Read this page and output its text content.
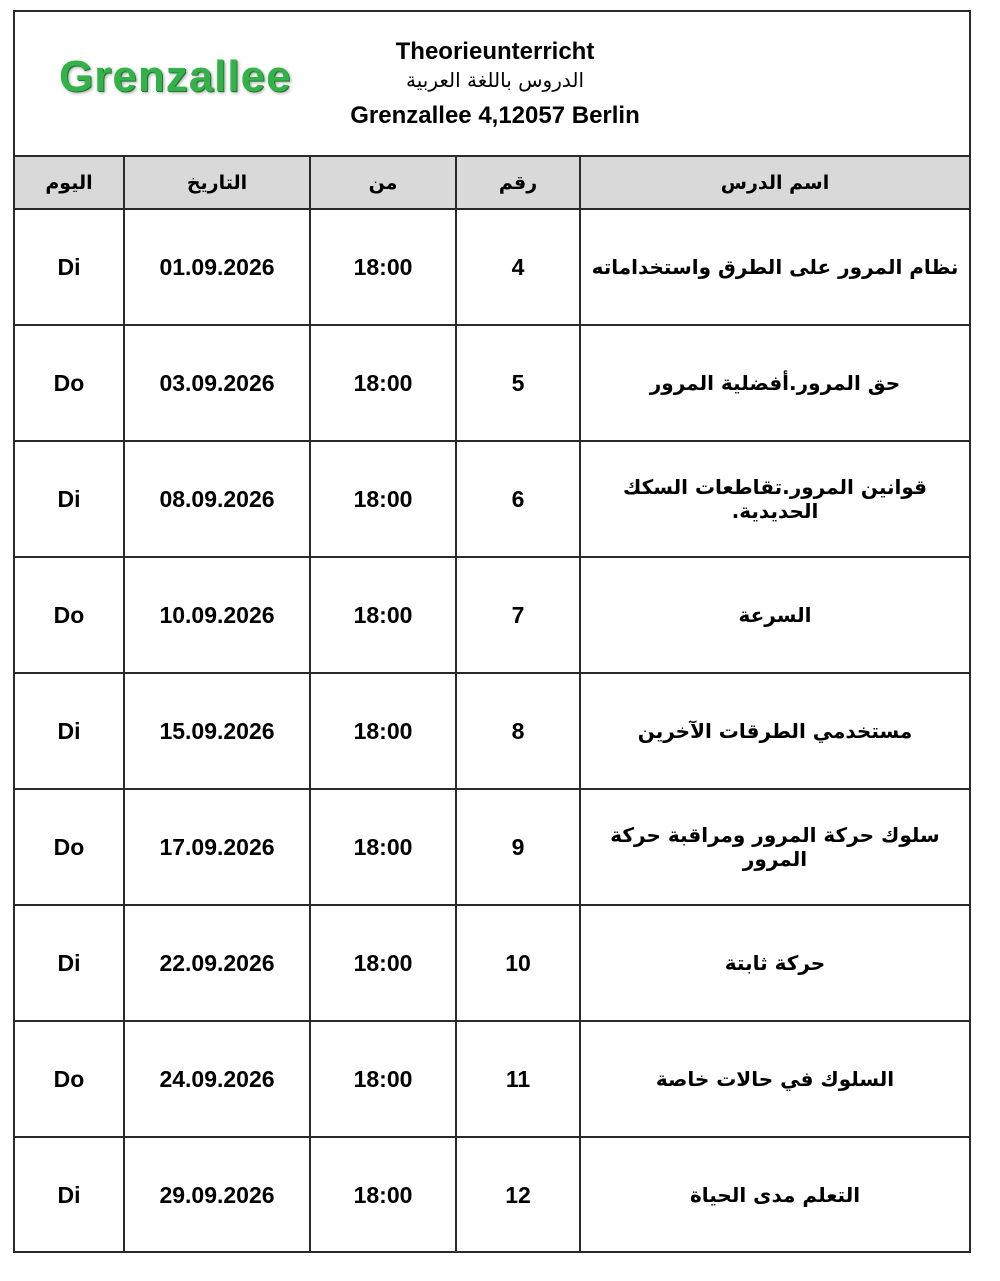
Grenzallee
Theorieunterricht
الدروس باللغة العربية
Grenzallee 4,12057 Berlin
اليوم	التاريخ	من	رقم	اسم الدرس
Di	01.09.2026	18:00	4	نظام المرور على الطرق واستخداماته
Do	03.09.2026	18:00	5	حق المرور.أفضلية المرور
Di	08.09.2026	18:00	6	قوانين المرور.تقاطعات السكك الحديدية.
Do	10.09.2026	18:00	7	السرعة
Di	15.09.2026	18:00	8	مستخدمي الطرقات الآخرين
Do	17.09.2026	18:00	9	سلوك حركة المرور ومراقبة حركة المرور
Di	22.09.2026	18:00	10	حركة ثابتة
Do	24.09.2026	18:00	11	السلوك في حالات خاصة
Di	29.09.2026	18:00	12	التعلم مدى الحياة
